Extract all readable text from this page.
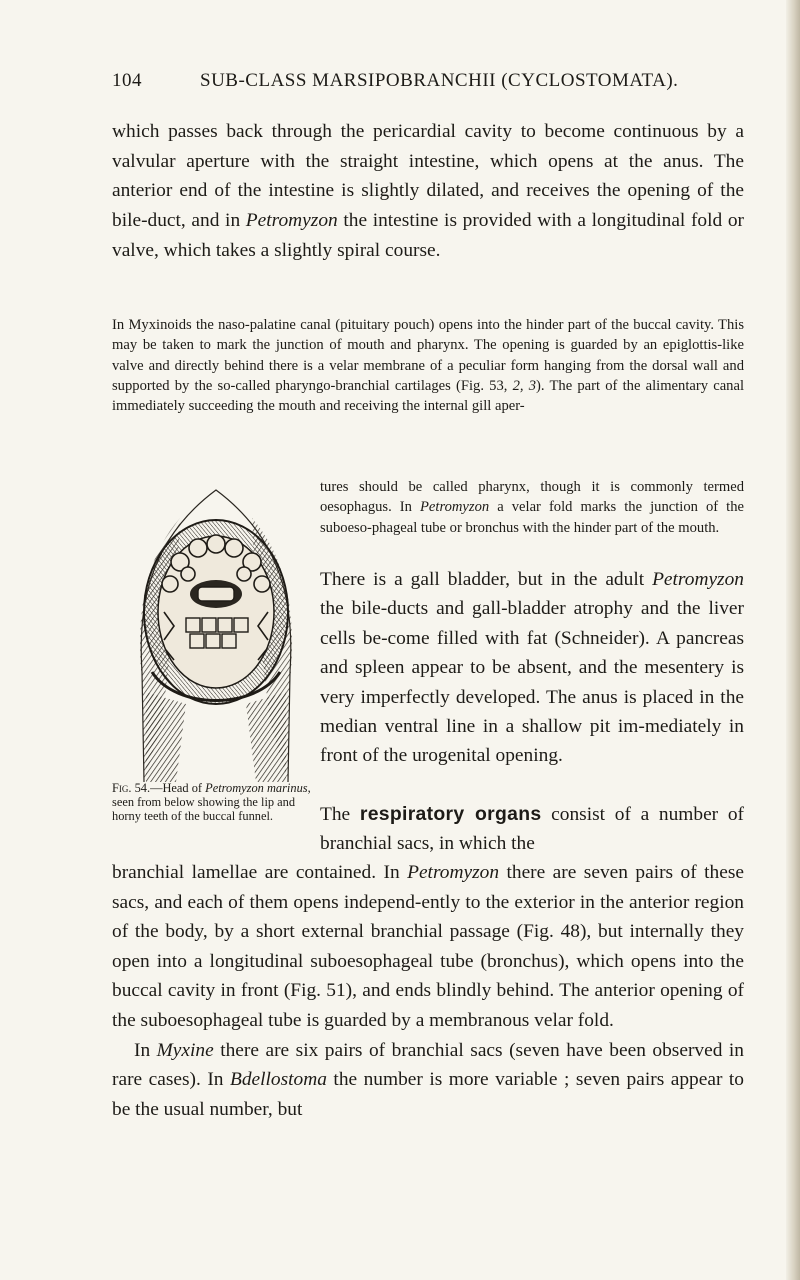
104	SUB-CLASS MARSIPOBRANCHII (CYCLOSTOMATA).
which passes back through the pericardial cavity to become continuous by a valvular aperture with the straight intestine, which opens at the anus. The anterior end of the intestine is slightly dilated, and receives the opening of the bile-duct, and in Petromyzon the intestine is provided with a longitudinal fold or valve, which takes a slightly spiral course.
In Myxinoids the naso-palatine canal (pituitary pouch) opens into the hinder part of the buccal cavity. This may be taken to mark the junction of mouth and pharynx. The opening is guarded by an epiglottis-like valve and directly behind there is a velar membrane of a peculiar form hanging from the dorsal wall and supported by the so-called pharyngo-branchial cartilages (Fig. 53, 2, 3). The part of the alimentary canal immediately succeeding the mouth and receiving the internal gill aper-
tures should be called pharynx, though it is commonly termed oesophagus. In Petromyzon a velar fold marks the junction of the suboeso-phageal tube or bronchus with the hinder part of the mouth.
There is a gall bladder, but in the adult Petromyzon the bile-ducts and gall-bladder atrophy and the liver cells be-come filled with fat (Schneider). A pancreas and spleen appear to be absent, and the mesentery is very imperfectly developed. The anus is placed in the median ventral line in a shallow pit im-mediately in front of the urogenital opening.
The respiratory organs consist of a number of branchial sacs, in which the

branchial lamellae are contained. In Petromyzon there are seven pairs of these sacs, and each of them opens independ-ently to the exterior in the anterior region of the body, by a short external branchial passage (Fig. 48), but internally they open into a longitudinal suboesophageal tube (bronchus), which opens into the buccal cavity in front (Fig. 51), and ends blindly behind. The anterior opening of the suboesophageal tube is guarded by a membranous velar fold.

In Myxine there are six pairs of branchial sacs (seven have been observed in rare cases). In Bdellostoma the number is more variable ; seven pairs appear to be the usual number, but

Fig. 54.—Head of Petromyzon marinus, seen from below showing the lip and horny teeth of the buccal funnel.
